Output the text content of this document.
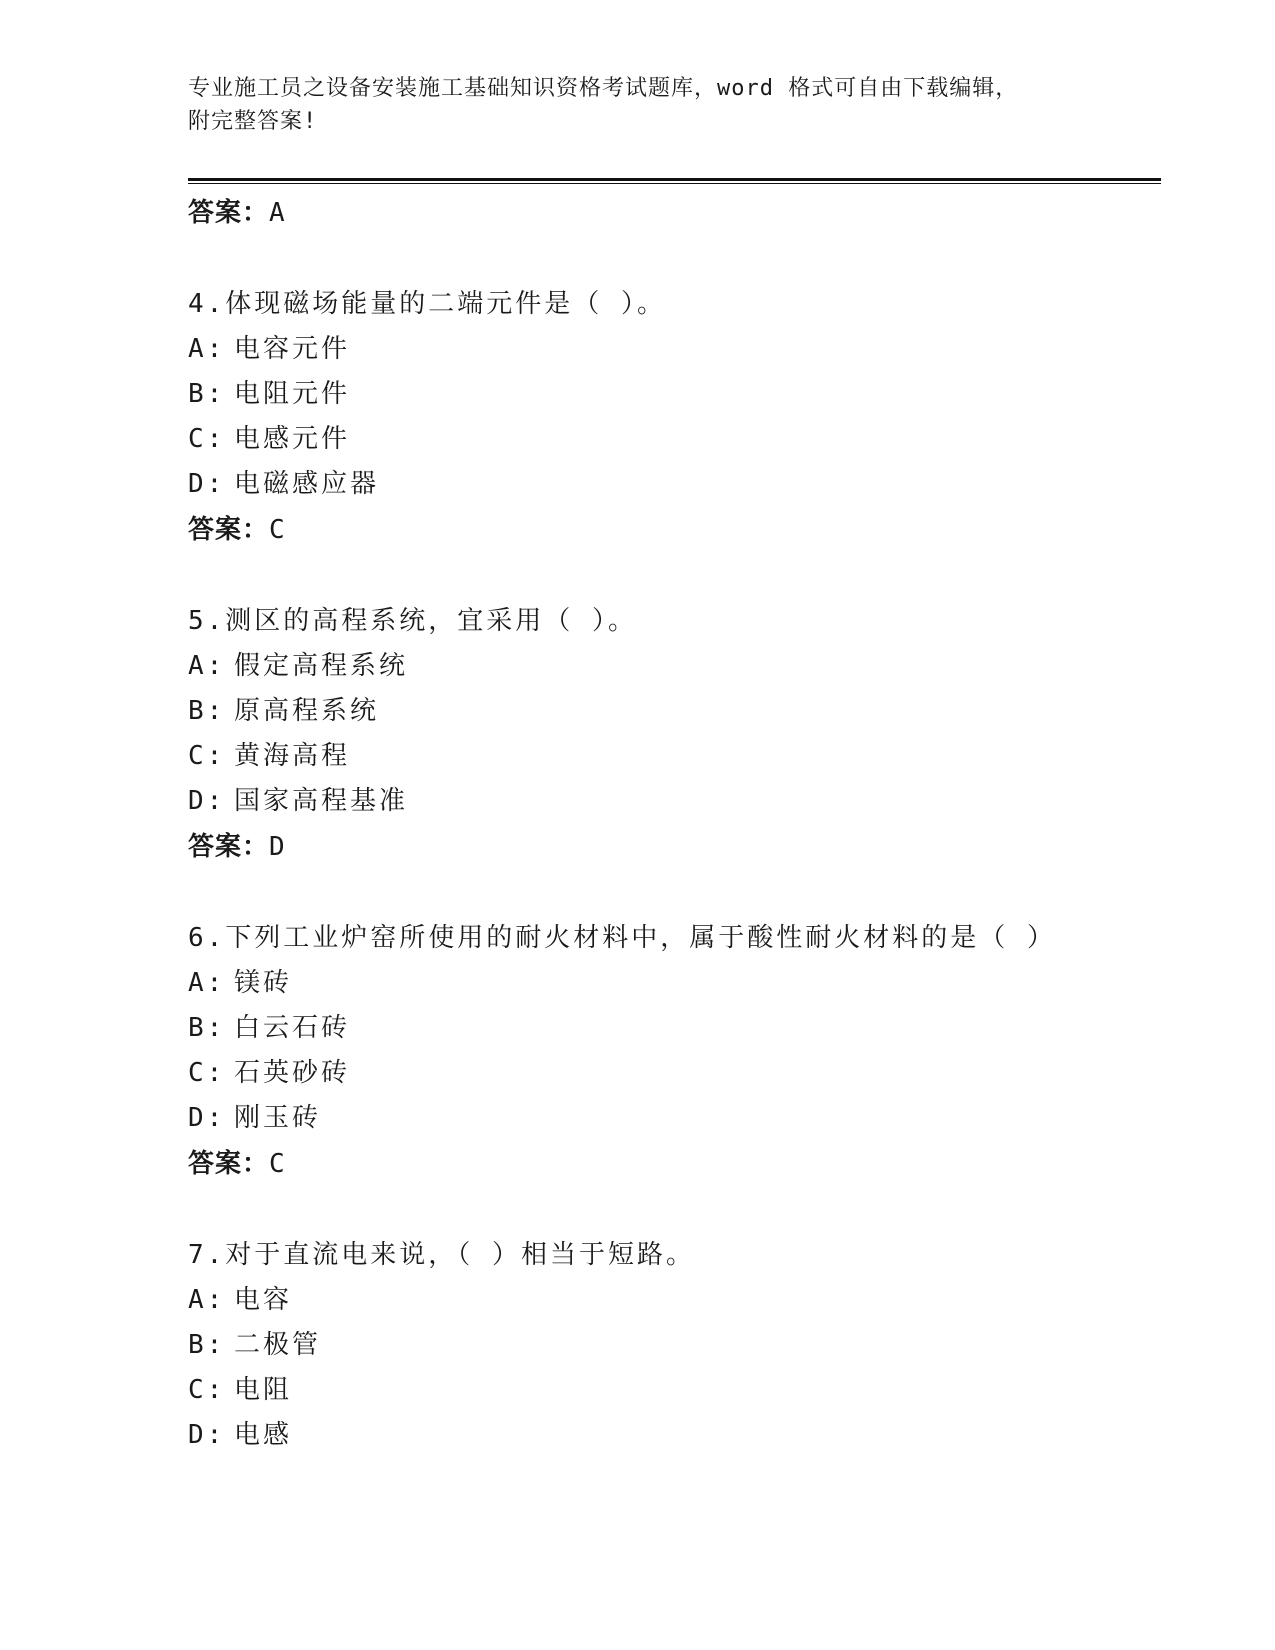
专业施工员之设备安装施工基础知识资格考试题库，word 格式可自由下载编辑，
附完整答案!
答案：A
4.体现磁场能量的二端元件是（ ）。
A: 电容元件
B: 电阻元件
C: 电感元件
D: 电磁感应器
答案：C
5.测区的高程系统，宜采用（ ）。
A: 假定高程系统
B: 原高程系统
C: 黄海高程
D: 国家高程基准
答案：D
6.下列工业炉窑所使用的耐火材料中，属于酸性耐火材料的是（ ）
A: 镁砖
B: 白云石砖
C: 石英砂砖
D: 刚玉砖
答案：C
7.对于直流电来说，（ ）相当于短路。
A: 电容
B: 二极管
C: 电阻
D: 电感
